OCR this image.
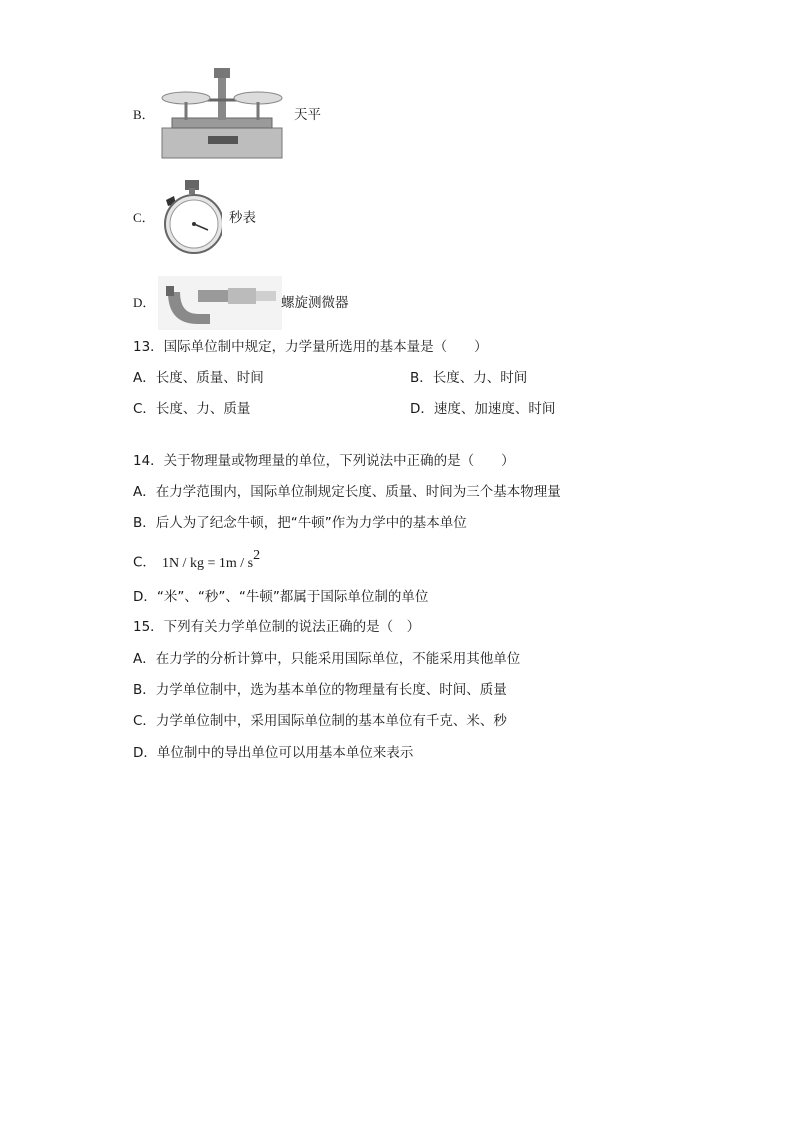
B．	天平
C．	秒表
D．	螺旋测微器
13．国际单位制中规定，力学量所选用的基本量是（　　）
A．长度、质量、时间	B．长度、力、时间
C．长度、力、质量	D．速度、加速度、时间
14．关于物理量或物理量的单位，下列说法中正确的是（　　）
A．在力学范围内，国际单位制规定长度、质量、时间为三个基本物理量
B．后人为了纪念牛顿，把“牛顿”作为力学中的基本单位
C． 1N / kg = $1m / s^2$
D．“米”、“秒”、“牛顿”都属于国际单位制的单位
15．下列有关力学单位制的说法正确的是（　）
A．在力学的分析计算中，只能采用国际单位，不能采用其他单位
B．力学单位制中，选为基本单位的物理量有长度、时间、质量
C．力学单位制中，采用国际单位制的基本单位有千克、米、秒
D．单位制中的导出单位可以用基本单位来表示
